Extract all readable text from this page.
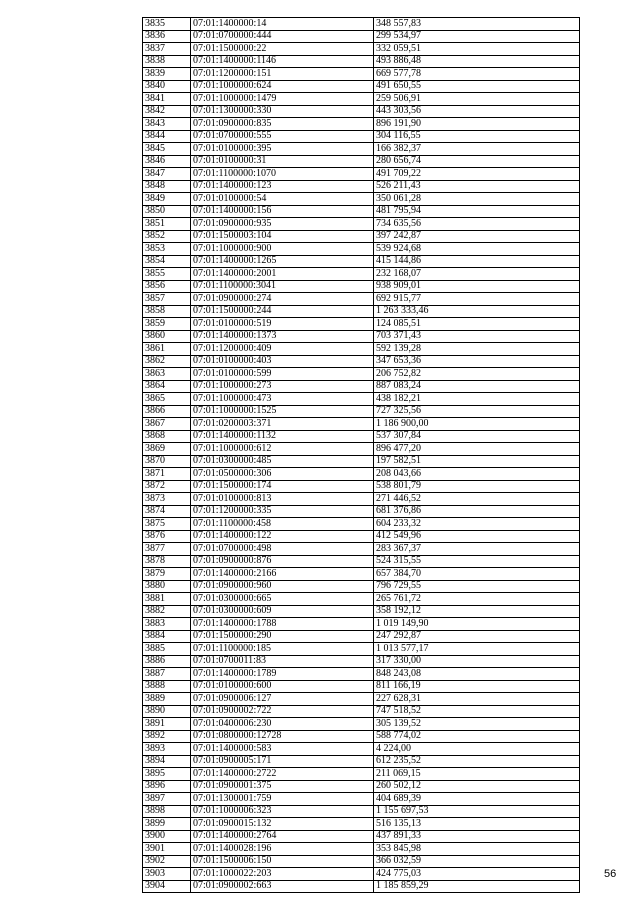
3835	07:01:1400000:14	348 557,83
3836	07:01:0700000:444	299 534,97
3837	07:01:1500000:22	332 059,51
3838	07:01:1400000:1146	493 886,48
3839	07:01:1200000:151	669 577,78
3840	07:01:1000000:624	491 650,55
3841	07:01:1000000:1479	259 506,91
3842	07:01:1300000:330	443 303,56
3843	07:01:0900000:835	896 191,90
3844	07:01:0700000:555	304 116,55
3845	07:01:0100000:395	166 382,37
3846	07:01:0100000:31	280 656,74
3847	07:01:1100000:1070	491 709,22
3848	07:01:1400000:123	526 211,43
3849	07:01:0100000:54	350 061,28
3850	07:01:1400000:156	481 795,94
3851	07:01:0900000:935	734 635,56
3852	07:01:1500003:104	397 242,87
3853	07:01:1000000:900	539 924,68
3854	07:01:1400000:1265	415 144,86
3855	07:01:1400000:2001	232 168,07
3856	07:01:1100000:3041	938 909,01
3857	07:01:0900000:274	692 915,77
3858	07:01:1500000:244	1 263 333,46
3859	07:01:0100000:519	124 085,51
3860	07:01:1400000:1373	703 371,43
3861	07:01:1200000:409	592 139,28
3862	07:01:0100000:403	347 653,36
3863	07:01:0100000:599	206 752,82
3864	07:01:1000000:273	887 083,24
3865	07:01:1000000:473	438 182,21
3866	07:01:1000000:1525	727 325,56
3867	07:01:0200003:371	1 186 900,00
3868	07:01:1400000:1132	537 307,84
3869	07:01:1000000:612	896 477,20
3870	07:01:0300000:485	197 582,51
3871	07:01:0500000:306	208 043,66
3872	07:01:1500000:174	538 801,79
3873	07:01:0100000:813	271 446,52
3874	07:01:1200000:335	681 376,86
3875	07:01:1100000:458	604 233,32
3876	07:01:1400000:122	412 549,96
3877	07:01:0700000:498	283 367,37
3878	07:01:0900000:876	524 315,55
3879	07:01:1400000:2166	657 384,70
3880	07:01:0900000:960	796 729,55
3881	07:01:0300000:665	265 761,72
3882	07:01:0300000:609	358 192,12
3883	07:01:1400000:1788	1 019 149,90
3884	07:01:1500000:290	247 292,87
3885	07:01:1100000:185	1 013 577,17
3886	07:01:0700011:83	317 330,00
3887	07:01:1400000:1789	848 243,08
3888	07:01:0100000:600	811 166,19
3889	07:01:0900006:127	227 628,31
3890	07:01:0900002:722	747 518,52
3891	07:01:0400006:230	305 139,52
3892	07:01:0800000:12728	588 774,02
3893	07:01:1400000:583	4 224,00
3894	07:01:0900005:171	612 235,52
3895	07:01:1400000:2722	211 069,15
3896	07:01:0900001:375	260 502,12
3897	07:01:1300001:759	404 689,39
3898	07:01:1000006:323	1 155 697,53
3899	07:01:0900015:132	516 135,13
3900	07:01:1400000:2764	437 891,33
3901	07:01:1400028:196	353 845,98
3902	07:01:1500006:150	366 032,59
3903	07:01:1000022:203	424 775,03
3904	07:01:0900002:663	1 185 859,29
56
